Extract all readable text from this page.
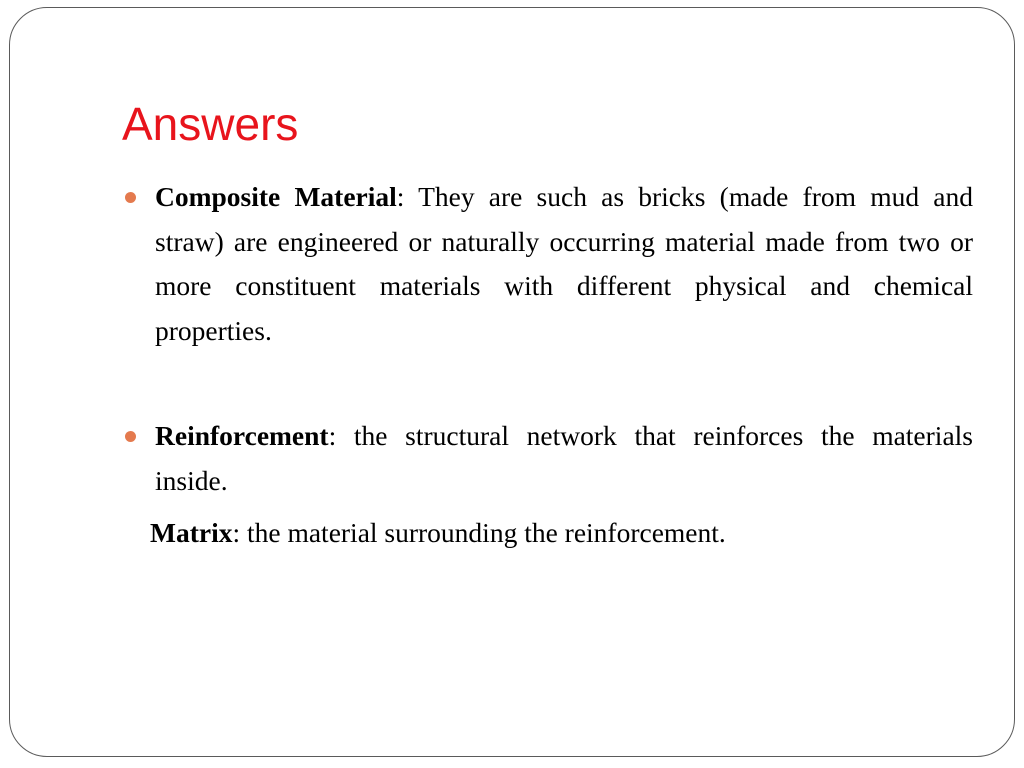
Answers

Composite Material: They are such as bricks (made from mud and straw) are engineered or naturally occurring material made from two or more constituent materials with different physical and chemical properties.

Reinforcement: the structural network that reinforces the materials inside.

Matrix: the material surrounding the reinforcement.
